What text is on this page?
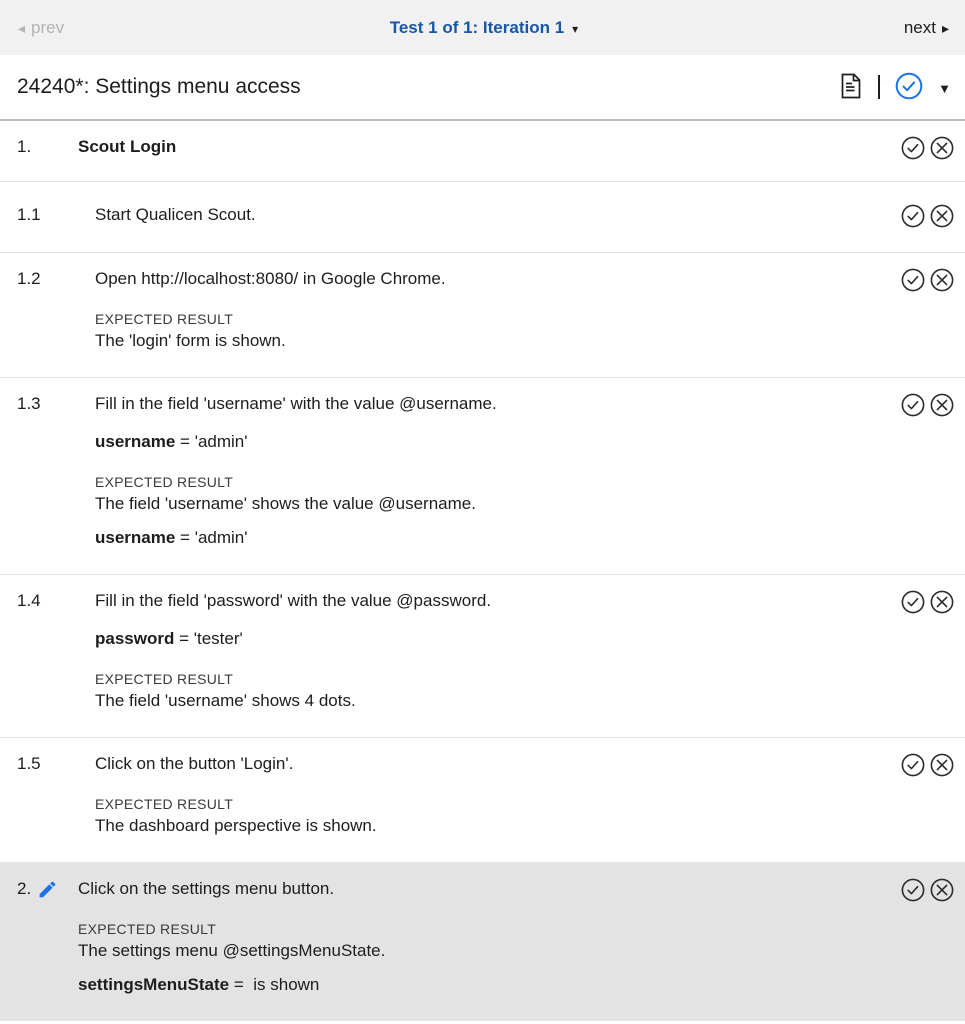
◂ prev	Test 1 of 1: Iteration 1 ▾	next ▸
24240*: Settings menu access	▼
1.	Scout Login
1.1	Start Qualicen Scout.
1.2	Open http://localhost:8080/ in Google Chrome.
EXPECTED RESULT
The 'login' form is shown.
1.3	Fill in the field 'username' with the value @username.
username = 'admin'
EXPECTED RESULT
The field 'username' shows the value @username.
username = 'admin'
1.4	Fill in the field 'password' with the value @password.
password = 'tester'
EXPECTED RESULT
The field 'username' shows 4 dots.
1.5	Click on the button 'Login'.
EXPECTED RESULT
The dashboard perspective is shown.
2.	Click on the settings menu button.
EXPECTED RESULT
The settings menu @settingsMenuState.
settingsMenuState =  is shown
